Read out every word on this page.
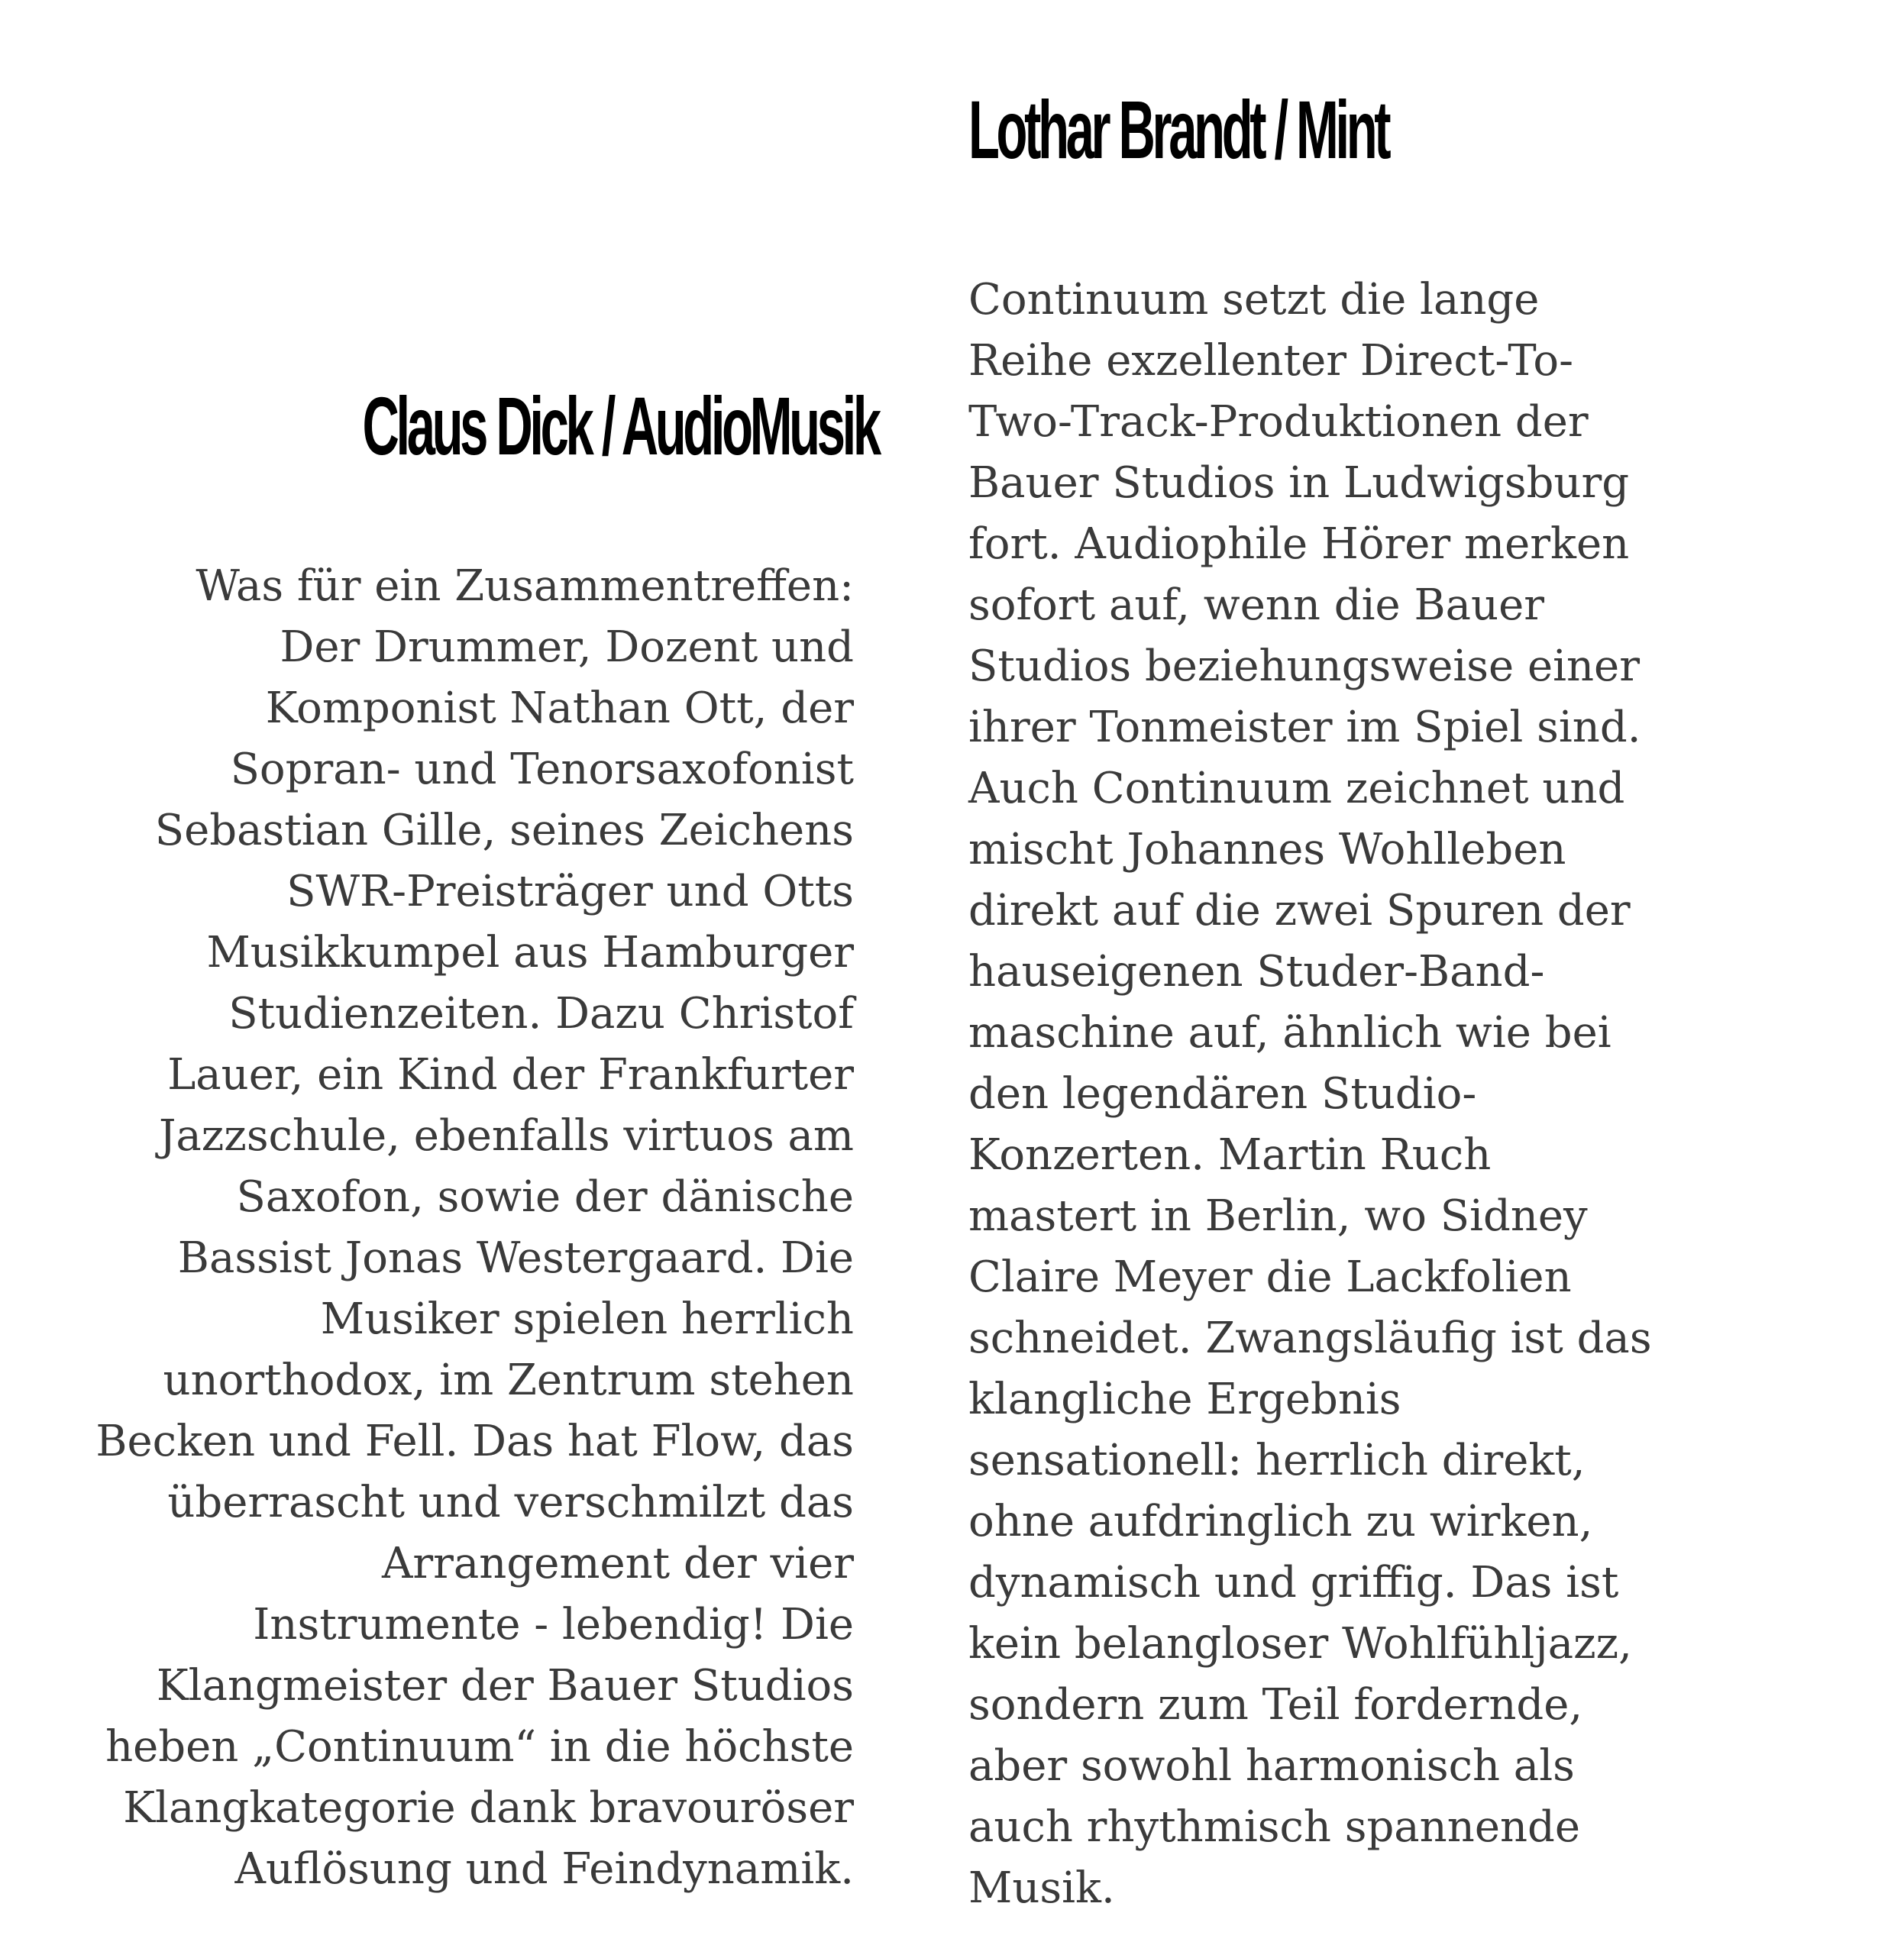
Claus Dick / AudioMusik

Was für ein Zusammentreffen:
Der Drummer, Dozent und
Komponist Nathan Ott, der
Sopran- und Tenorsaxofonist
Sebastian Gille, seines Zeichens
SWR-Preisträger und Otts
Musikkumpel aus Hamburger
Studienzeiten. Dazu Christof
Lauer, ein Kind der Frankfurter
Jazzschule, ebenfalls virtuos am
Saxofon, sowie der dänische
Bassist Jonas Westergaard. Die
Musiker spielen herrlich
unorthodox, im Zentrum stehen
Becken und Fell. Das hat Flow, das
überrascht und verschmilzt das
Arrangement der vier
Instrumente - lebendig! Die
Klangmeister der Bauer Studios
heben „Continuum“ in die höchste
Klangkategorie dank bravouröser
Auflösung und Feindynamik.

Lothar Brandt / Mint

Continuum setzt die lange
Reihe exzellenter Direct-To-
Two-Track-Produktionen der
Bauer Studios in Ludwigsburg
fort. Audiophile Hörer merken
sofort auf, wenn die Bauer
Studios beziehungsweise einer
ihrer Tonmeister im Spiel sind.
Auch Continuum zeichnet und
mischt Johannes Wohlleben
direkt auf die zwei Spuren der
hauseigenen Studer-Band-
maschine auf, ähnlich wie bei
den legendären Studio-
Konzerten. Martin Ruch
mastert in Berlin, wo Sidney
Claire Meyer die Lackfolien
schneidet. Zwangsläufig ist das
klangliche Ergebnis
sensationell: herrlich direkt,
ohne aufdringlich zu wirken,
dynamisch und griffig. Das ist
kein belangloser Wohlfühljazz,
sondern zum Teil fordernde,
aber sowohl harmonisch als
auch rhythmisch spannende
Musik.
